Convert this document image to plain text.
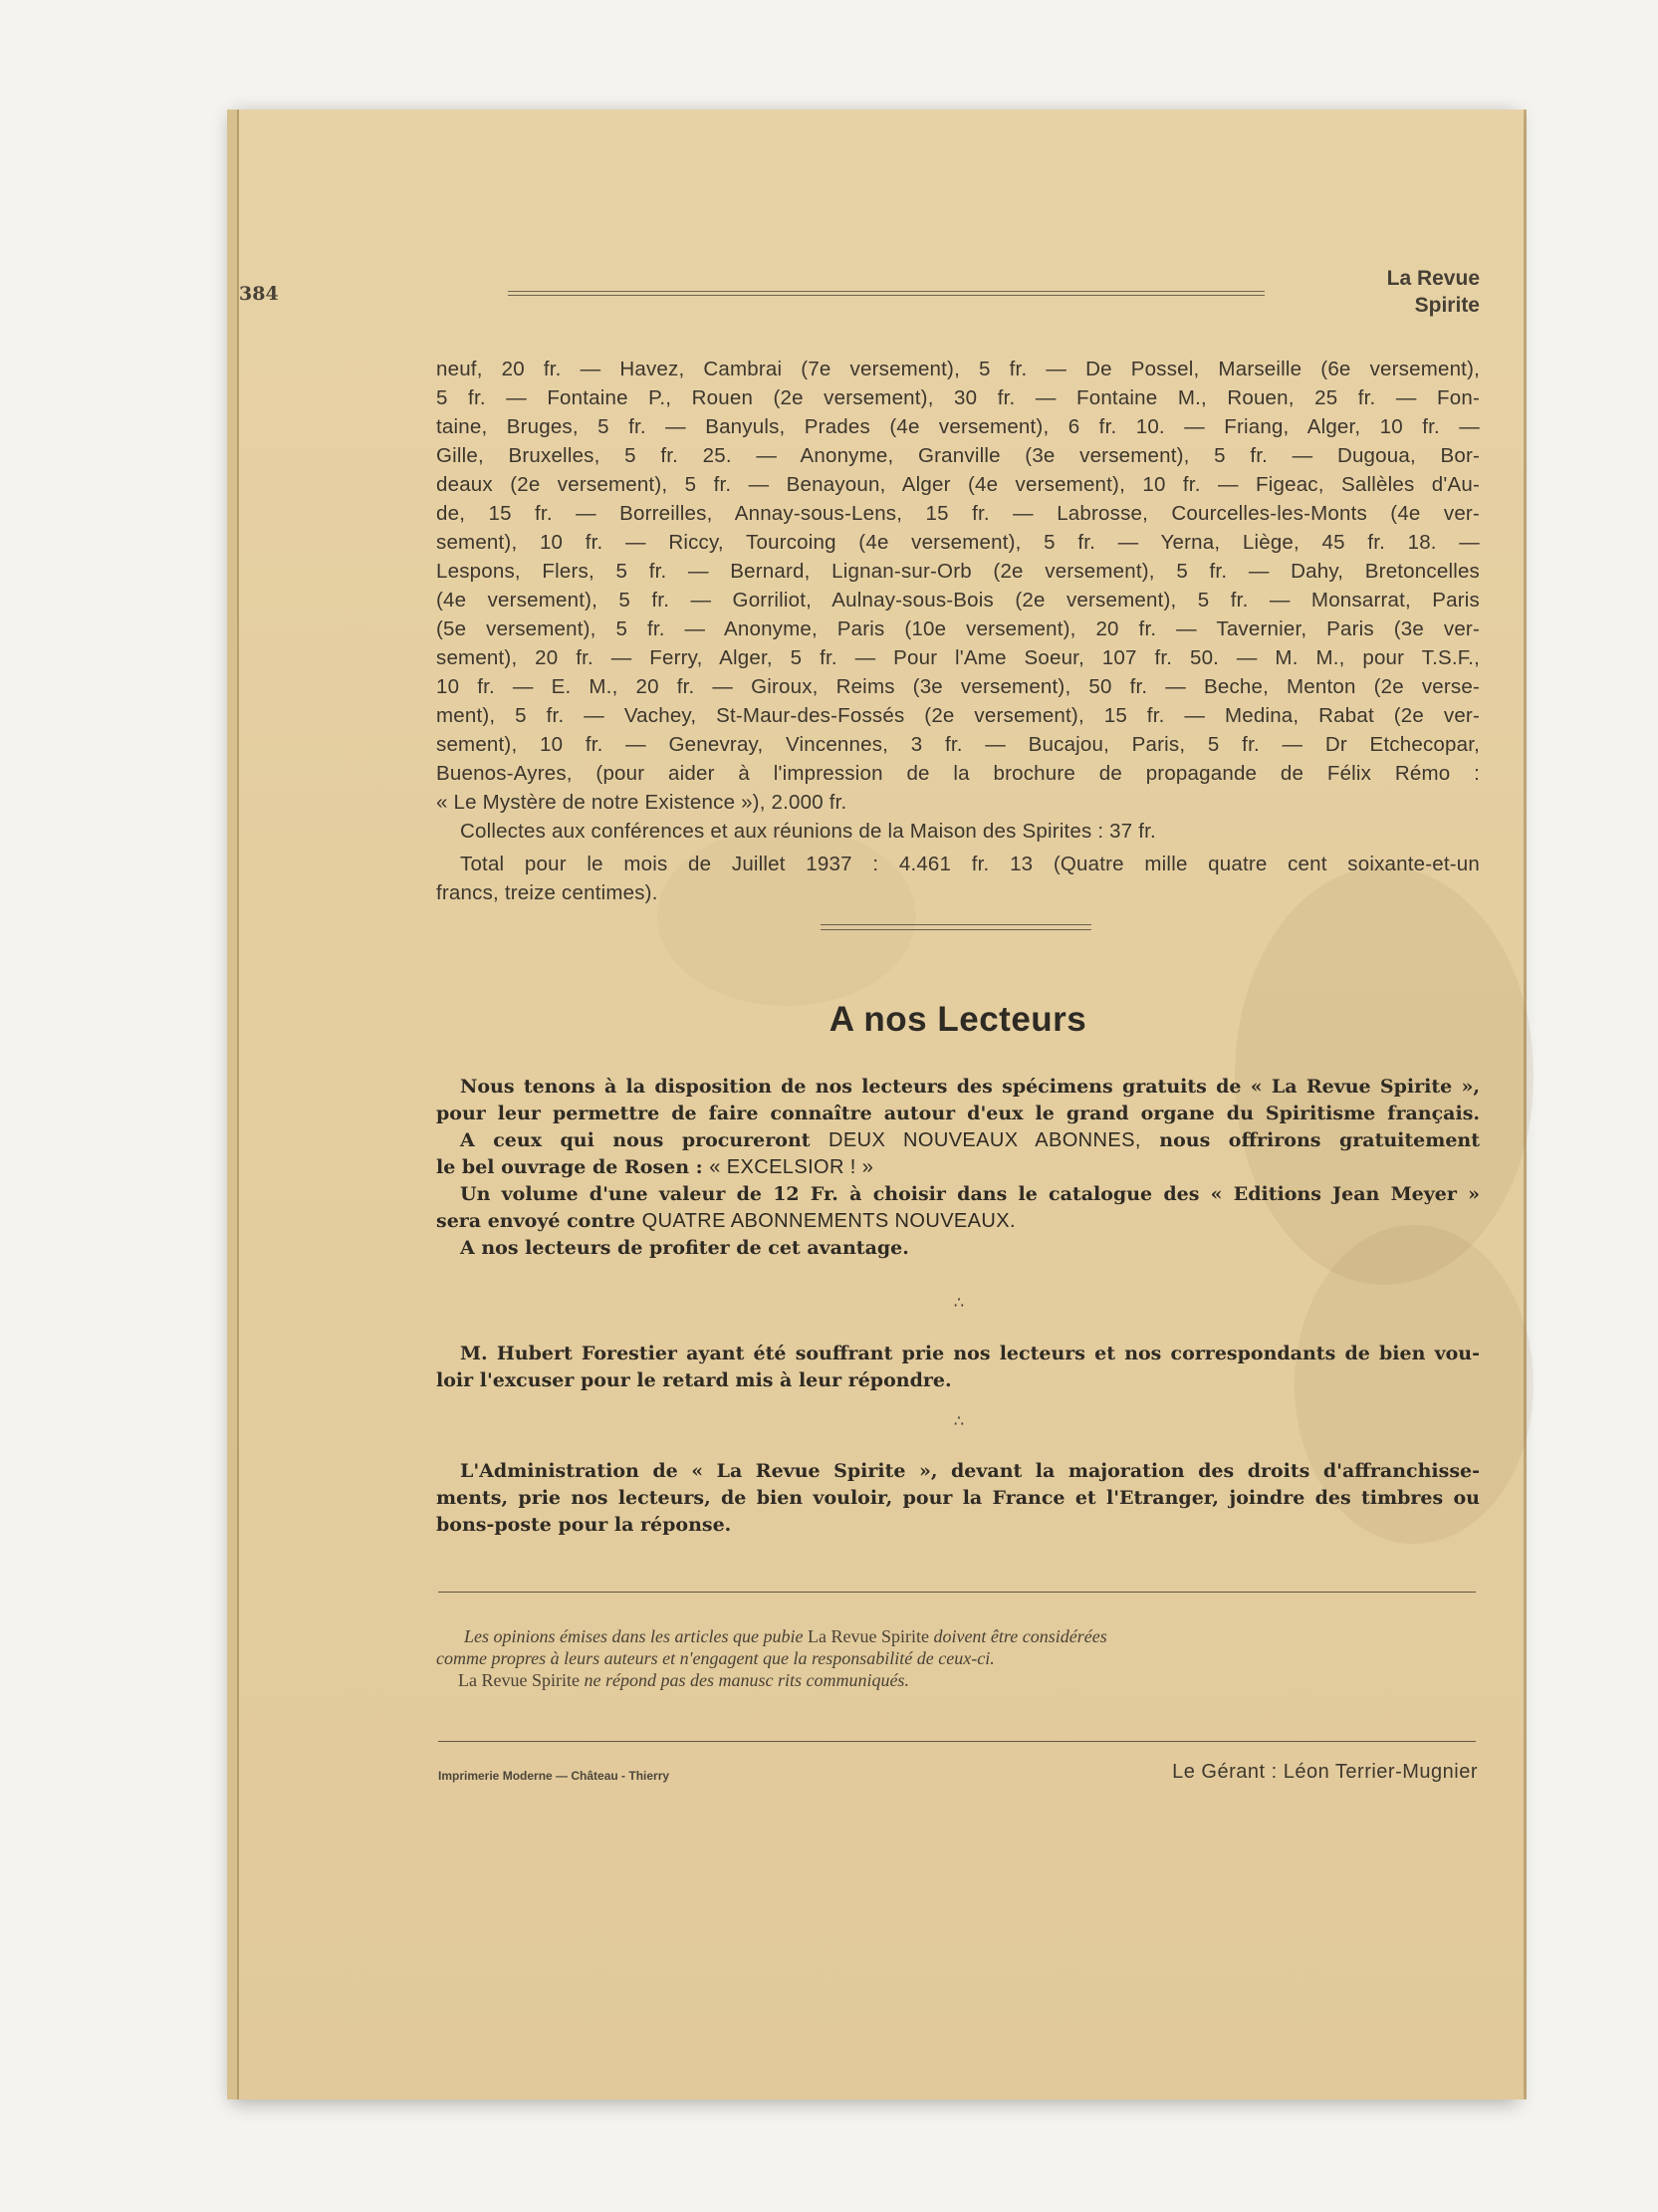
384
La Revue
Spirite
neuf, 20 fr. — Havez, Cambrai (7e versement), 5 fr. — De Possel, Marseille (6e versement),
5 fr. — Fontaine P., Rouen (2e versement), 30 fr. — Fontaine M., Rouen, 25 fr. — Fon-
taine, Bruges, 5 fr. — Banyuls, Prades (4e versement), 6 fr. 10. — Friang, Alger, 10 fr. —
Gille, Bruxelles, 5 fr. 25. — Anonyme, Granville (3e versement), 5 fr. — Dugoua, Bor-
deaux (2e versement), 5 fr. — Benayoun, Alger (4e versement), 10 fr. — Figeac, Sallèles d'Au-
de, 15 fr. — Borreilles, Annay-sous-Lens, 15 fr. — Labrosse, Courcelles-les-Monts (4e ver-
sement), 10 fr. — Riccy, Tourcoing (4e versement), 5 fr. — Yerna, Liège, 45 fr. 18. —
Lespons, Flers, 5 fr. — Bernard, Lignan-sur-Orb (2e versement), 5 fr. — Dahy, Bretoncelles
(4e versement), 5 fr. — Gorriliot, Aulnay-sous-Bois (2e versement), 5 fr. — Monsarrat, Paris
(5e versement), 5 fr. — Anonyme, Paris (10e versement), 20 fr. — Tavernier, Paris (3e ver-
sement), 20 fr. — Ferry, Alger, 5 fr. — Pour l'Ame Soeur, 107 fr. 50. — M. M., pour T.S.F.,
10 fr. — E. M., 20 fr. — Giroux, Reims (3e versement), 50 fr. — Beche, Menton (2e verse-
ment), 5 fr. — Vachey, St-Maur-des-Fossés (2e versement), 15 fr. — Medina, Rabat (2e ver-
sement), 10 fr. — Genevray, Vincennes, 3 fr. — Bucajou, Paris, 5 fr. — Dr Etchecopar,
Buenos-Ayres, (pour aider à l'impression de la brochure de propagande de Félix Rémo :
« Le Mystère de notre Existence »), 2.000 fr.
Collectes aux conférences et aux réunions de la Maison des Spirites : 37 fr.
Total pour le mois de Juillet 1937 : 4.461 fr. 13 (Quatre mille quatre cent soixante-et-un
francs, treize centimes).
A nos Lecteurs
Nous tenons à la disposition de nos lecteurs des spécimens gratuits de « La Revue Spirite »,
pour leur permettre de faire connaître autour d'eux le grand organe du Spiritisme français.
A ceux qui nous procureront DEUX NOUVEAUX ABONNES, nous offrirons gratuitement
le bel ouvrage de Rosen : « EXCELSIOR ! »
Un volume d'une valeur de 12 Fr. à choisir dans le catalogue des « Editions Jean Meyer »
sera envoyé contre QUATRE ABONNEMENTS NOUVEAUX.
A nos lecteurs de profiter de cet avantage.
∴
M. Hubert Forestier ayant été souffrant prie nos lecteurs et nos correspondants de bien vou-
loir l'excuser pour le retard mis à leur répondre.
∴
L'Administration de « La Revue Spirite », devant la majoration des droits d'affranchisse-
ments, prie nos lecteurs, de bien vouloir, pour la France et l'Etranger, joindre des timbres ou
bons-poste pour la réponse.
Les opinions émises dans les articles que pubie La Revue Spirite doivent être considérées
comme propres à leurs auteurs et n'engagent que la responsabilité de ceux-ci.
La Revue Spirite ne répond pas des manusc rits communiqués.
Imprimerie Moderne — Château - Thierry	Le Gérant : Léon Terrier-Mugnier
